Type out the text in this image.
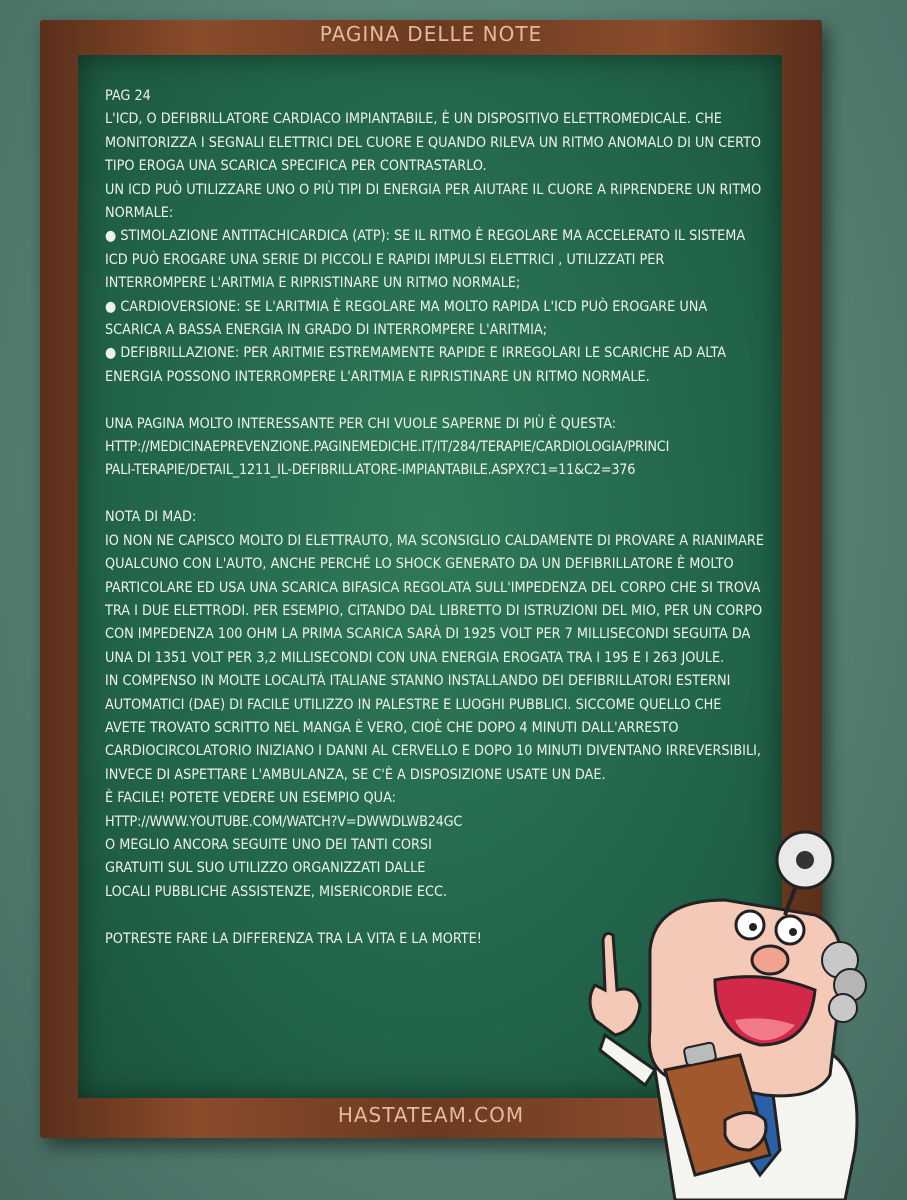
PAGINA DELLE NOTE

PAG 24

L'ICD, O DEFIBRILLATORE CARDIACO IMPIANTABILE, È UN DISPOSITIVO ELETTROMEDICALE. CHE MONITORIZZA I SEGNALI ELETTRICI DEL CUORE E QUANDO RILEVA UN RITMO ANOMALO DI UN CERTO TIPO EROGA UNA SCARICA SPECIFICA PER CONTRASTARLO.

UN ICD PUÒ UTILIZZARE UNO O PIÙ TIPI DI ENERGIA PER AIUTARE IL CUORE A RIPRENDERE UN RITMO NORMALE:

● STIMOLAZIONE ANTITACHICARDICA (ATP): SE IL RITMO È REGOLARE MA ACCELERATO IL SISTEMA ICD PUÒ EROGARE UNA SERIE DI PICCOLI E RAPIDI IMPULSI ELETTRICI , UTILIZZATI PER INTERROMPERE L'ARITMIA E RIPRISTINARE UN RITMO NORMALE;

● CARDIOVERSIONE: SE L'ARITMIA È REGOLARE MA MOLTO RAPIDA L'ICD PUÒ EROGARE UNA SCARICA A BASSA ENERGIA IN GRADO DI INTERROMPERE L'ARITMIA;

● DEFIBRILLAZIONE: PER ARITMIE ESTREMAMENTE RAPIDE E IRREGOLARI LE SCARICHE AD ALTA ENERGIA POSSONO INTERROMPERE L'ARITMIA E RIPRISTINARE UN RITMO NORMALE.

UNA PAGINA MOLTO INTERESSANTE PER CHI VUOLE SAPERNE DI PIÙ È QUESTA:

HTTP://MEDICINAEPREVENZIONE.PAGINEMEDICHE.IT/IT/284/TERAPIE/CARDIOLOGIA/PRINCI

PALI-TERAPIE/DETAIL_1211_IL-DEFIBRILLATORE-IMPIANTABILE.ASPX?C1=11&C2=376

NOTA DI MAD:

IO NON NE CAPISCO MOLTO DI ELETTRAUTO, MA SCONSIGLIO CALDAMENTE DI PROVARE A RIANIMARE QUALCUNO CON L'AUTO, ANCHE PERCHÉ LO SHOCK GENERATO DA UN DEFIBRILLATORE È MOLTO PARTICOLARE ED USA UNA SCARICA BIFASICA REGOLATA SULL'IMPEDENZA DEL CORPO CHE SI TROVA TRA I DUE ELETTRODI. PER ESEMPIO, CITANDO DAL LIBRETTO DI ISTRUZIONI DEL MIO, PER UN CORPO CON IMPEDENZA 100 OHM LA PRIMA SCARICA SARÀ DI 1925 VOLT PER 7 MILLISECONDI SEGUITA DA UNA DI 1351 VOLT PER 3,2 MILLISECONDI CON UNA ENERGIA EROGATA TRA I 195 E I 263 JOULE.

IN COMPENSO IN MOLTE LOCALITÀ ITALIANE STANNO INSTALLANDO DEI DEFIBRILLATORI ESTERNI AUTOMATICI (DAE) DI FACILE UTILIZZO IN PALESTRE E LUOGHI PUBBLICI. SICCOME QUELLO CHE AVETE TROVATO SCRITTO NEL MANGA È VERO, CIOÈ CHE DOPO 4 MINUTI DALL'ARRESTO CARDIOCIRCOLATORIO INIZIANO I DANNI AL CERVELLO E DOPO 10 MINUTI DIVENTANO IRREVERSIBILI, INVECE DI ASPETTARE L'AMBULANZA, SE C'È A DISPOSIZIONE USATE UN DAE.

È FACILE! POTETE VEDERE UN ESEMPIO QUA:

HTTP://WWW.YOUTUBE.COM/WATCH?V=DWWDLWB24GC

O MEGLIO ANCORA SEGUITE UNO DEI TANTI CORSI

GRATUITI SUL SUO UTILIZZO ORGANIZZATI DALLE

LOCALI PUBBLICHE ASSISTENZE, MISERICORDIE ECC.

POTRESTE FARE LA DIFFERENZA TRA LA VITA E LA MORTE!

HASTATEAM.COM
